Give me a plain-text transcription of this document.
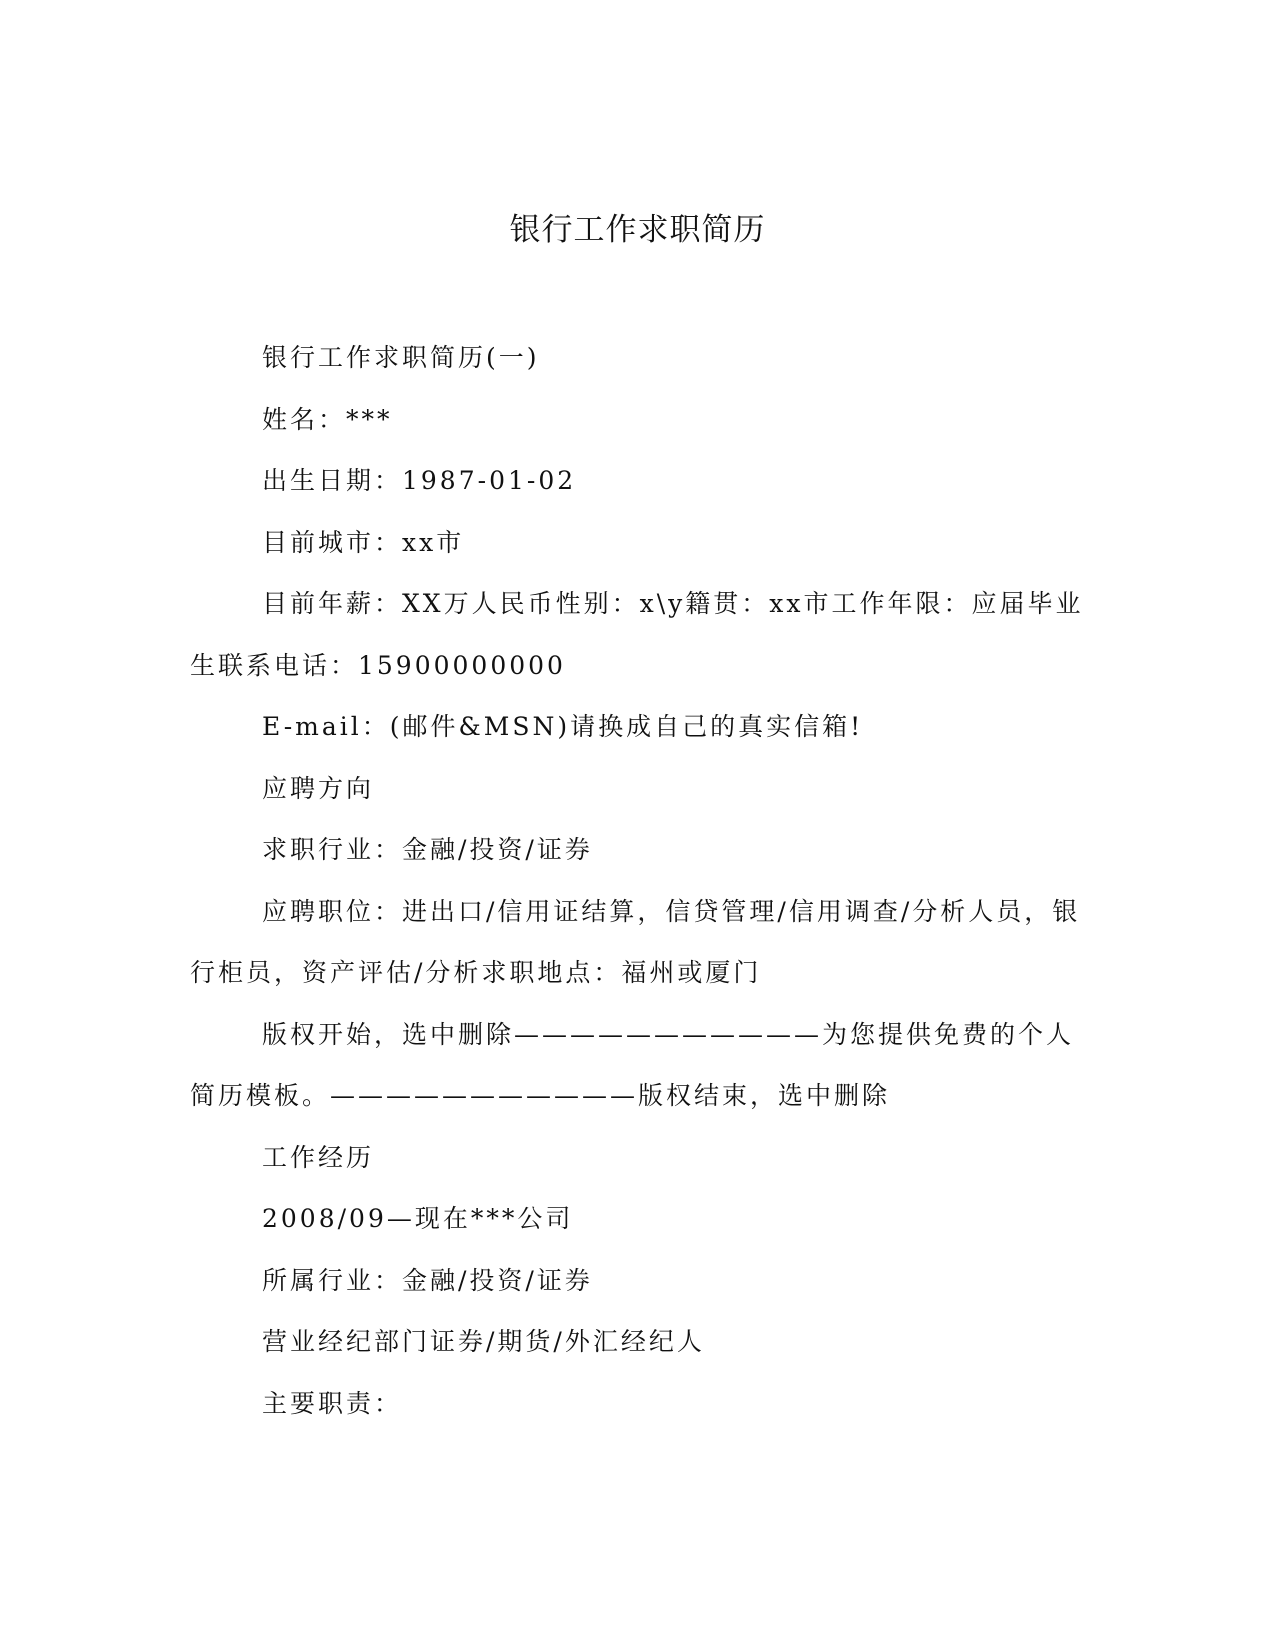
银行工作求职简历

银行工作求职简历(一)

姓名：***

出生日期：1987-01-02

目前城市：xx市

目前年薪：XX万人民币性别：x\y籍贯：xx市工作年限：应届毕业生联系电话：15900000000

E-mail：(邮件&MSN)请换成自己的真实信箱!

应聘方向

求职行业：金融/投资/证券

应聘职位：进出口/信用证结算，信贷管理/信用调查/分析人员，银行柜员，资产评估/分析求职地点：福州或厦门

版权开始，选中删除———————————为您提供免费的个人简历模板。———————————版权结束，选中删除

工作经历

2008/09—现在***公司

所属行业：金融/投资/证券

营业经纪部门证券/期货/外汇经纪人

主要职责：
